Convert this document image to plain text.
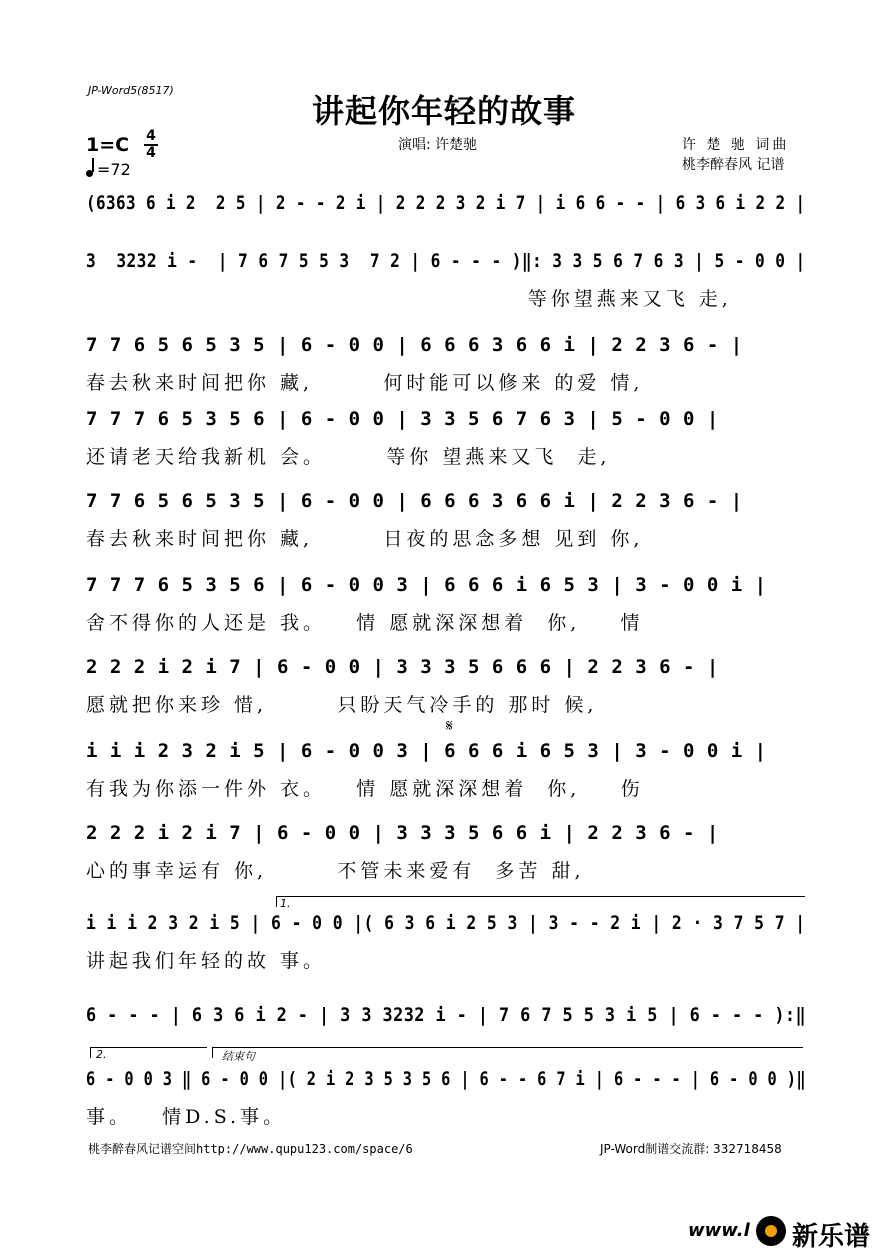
JP-Word5(8517)
讲起你年轻的故事
1=C 4
4
=72
演唱: 许楚驰	许 楚 驰 词曲
桃李醉春风 记谱
(6363 6 i 2  2 5 | 2 - - 2 i | 2 2 2 3 2 i 7 | i 6 6 - - | 6 3 6 i 2 2 |
3  3232 i -  | 7 6 7 5 5 3  7 2 | 6 - - - )‖: 3 3 5 6 7 6 3 | 5 - 0 0 |
等你望燕来又飞 走,
7 7 6 5 6 5 3 5 | 6 - 0 0 | 6 6 6 3 6 6 i | 2 2 3 6 - |
春去秋来时间把你 藏,       何时能可以修来 的爱 情,
7 7 7 6 5 3 5 6 | 6 - 0 0 | 3 3 5 6 7 6 3 | 5 - 0 0 |
还请老天给我新机 会。      等你 望燕来又飞  走,
7 7 6 5 6 5 3 5 | 6 - 0 0 | 6 6 6 3 6 6 i | 2 2 3 6 - |
春去秋来时间把你 藏,       日夜的思念多想 见到 你,
7 7 7 6 5 3 5 6 | 6 - 0 0 3 | 6 6 6 i 6 5 3 | 3 - 0 0 i |
舍不得你的人还是 我。   情 愿就深深想着  你,    情
2 2 2 i 2 i 7 | 6 - 0 0 | 3 3 3 5 6 6 6 | 2 2 3 6 - |
愿就把你来珍 惜,       只盼天气冷手的 那时 候,
i i i 2 3 2 i 5 | 6 - 0 0 3 | 6 6 6 i 6 5 3 | 3 - 0 0 i |
有我为你添一件外 衣。   情 愿就深深想着  你,    伤
2 2 2 i 2 i 7 | 6 - 0 0 | 3 3 3 5 6 6 i | 2 2 3 6 - |
心的事幸运有 你,       不管未来爱有  多苦 甜,
i i i 2 3 2 i 5 | 6 - 0 0 |( 6 3 6 i 2 5 3 | 3 - - 2 i | 2 · 3 7 5 7 |
讲起我们年轻的故 事。
6 - - - | 6 3 6 i 2 - | 3 3 3232 i - | 7 6 7 5 5 3 i 5 | 6 - - - ):‖
6 - 0 0 3 ‖ 6 - 0 0 |( 2 i 2 3 5 3 5 6 | 6 - - 6 7 i | 6 - - - | 6 - 0 0 )‖
事。   情D.S.事。
1.
2.	结束句
𝄋
桃李醉春风记谱空间http://www.qupu123.com/space/6	JP-Word制谱交流群: 332718458
www.l 新乐谱
